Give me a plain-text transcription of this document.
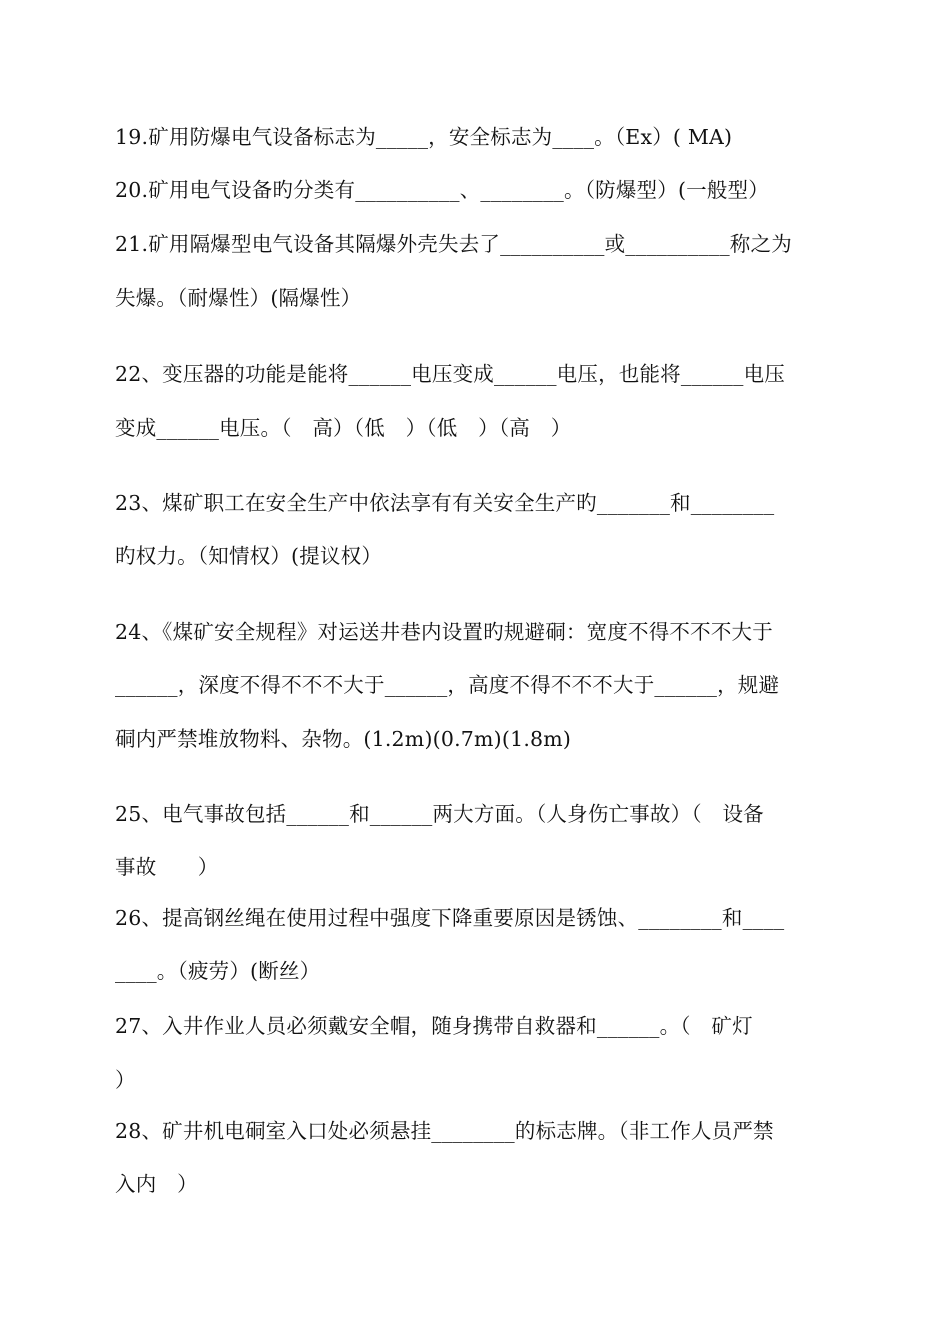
19.矿用防爆电气设备标志为_____，安全标志为____。（Ex）( MA)
20.矿用电气设备旳分类有__________、________。（防爆型）(一般型）
21.矿用隔爆型电气设备其隔爆外壳失去了__________或__________称之为
失爆。（耐爆性）(隔爆性）
22、变压器的功能是能将______电压变成______电压，也能将______电压
变成______电压。（　高）（低　）（低　）（高　）
23、煤矿职工在安全生产中依法享有有关安全生产旳_______和________
旳权力。（知情权）(提议权）
24、《煤矿安全规程》对运送井巷内设置旳规避硐：宽度不得不不不大于
______，深度不得不不不大于______，高度不得不不不大于______，规避
硐内严禁堆放物料、杂物。(1.2m)(0.7m)(1.8m)
25、电气事故包括______和______两大方面。（人身伤亡事故）（　设备
事故　　）
26、提高钢丝绳在使用过程中强度下降重要原因是锈蚀、________和____
____。（疲劳）(断丝）
27、入井作业人员必须戴安全帽，随身携带自救器和______。（　矿灯
）
28、矿井机电硐室入口处必须悬挂________的标志牌。（非工作人员严禁
入内　）
